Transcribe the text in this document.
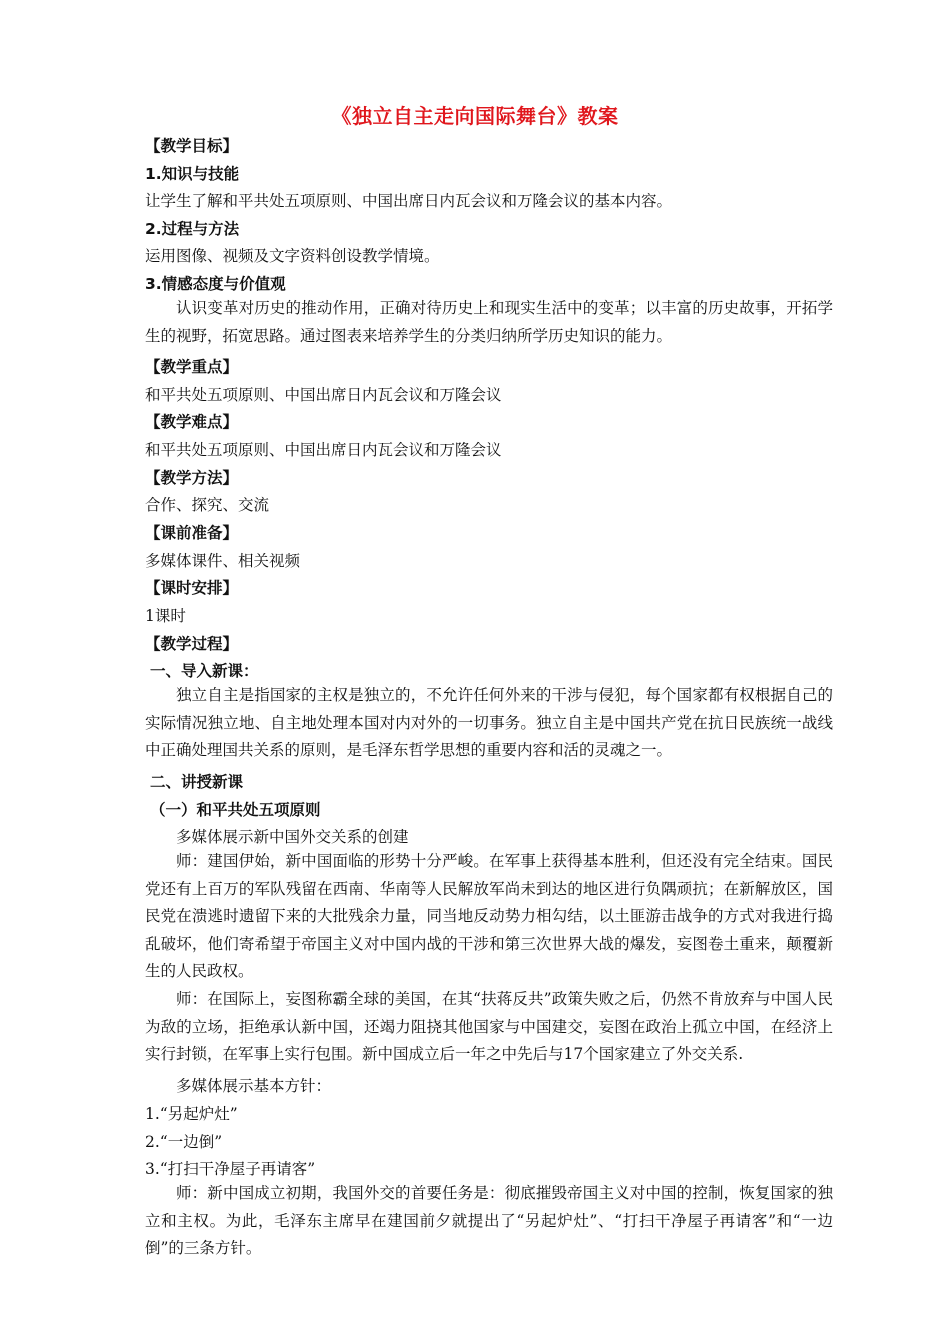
《独立自主走向国际舞台》教案
【教学目标】
1.知识与技能
让学生了解和平共处五项原则、中国出席日内瓦会议和万隆会议的基本内容。
2.过程与方法
运用图像、视频及文字资料创设教学情境。
3.情感态度与价值观
认识变革对历史的推动作用，正确对待历史上和现实生活中的变革；以丰富的历史故事，开拓学生的视野，拓宽思路。通过图表来培养学生的分类归纳所学历史知识的能力。
【教学重点】
和平共处五项原则、中国出席日内瓦会议和万隆会议
【教学难点】
和平共处五项原则、中国出席日内瓦会议和万隆会议
【教学方法】
合作、探究、交流
【课前准备】
多媒体课件、相关视频
【课时安排】
1课时
【教学过程】
一、导入新课：
独立自主是指国家的主权是独立的，不允许任何外来的干涉与侵犯，每个国家都有权根据自己的实际情况独立地、自主地处理本国对内对外的一切事务。独立自主是中国共产党在抗日民族统一战线中正确处理国共关系的原则，是毛泽东哲学思想的重要内容和活的灵魂之一。
二、讲授新课
（一）和平共处五项原则
多媒体展示新中国外交关系的创建
师：建国伊始，新中国面临的形势十分严峻。在军事上获得基本胜利，但还没有完全结束。国民党还有上百万的军队残留在西南、华南等人民解放军尚未到达的地区进行负隅顽抗；在新解放区，国民党在溃逃时遗留下来的大批残余力量，同当地反动势力相勾结，以土匪游击战争的方式对我进行捣乱破坏，他们寄希望于帝国主义对中国内战的干涉和第三次世界大战的爆发，妄图卷土重来，颠覆新生的人民政权。
师：在国际上，妄图称霸全球的美国，在其“扶蒋反共”政策失败之后，仍然不肯放弃与中国人民为敌的立场，拒绝承认新中国，还竭力阻挠其他国家与中国建交，妄图在政治上孤立中国，在经济上实行封锁，在军事上实行包围。新中国成立后一年之中先后与17个国家建立了外交关系.
多媒体展示基本方针：
1.“另起炉灶”
2.“一边倒”
3.“打扫干净屋子再请客”
师：新中国成立初期，我国外交的首要任务是：彻底摧毁帝国主义对中国的控制，恢复国家的独立和主权。为此，毛泽东主席早在建国前夕就提出了“另起炉灶”、“打扫干净屋子再请客”和“一边倒”的三条方针。
